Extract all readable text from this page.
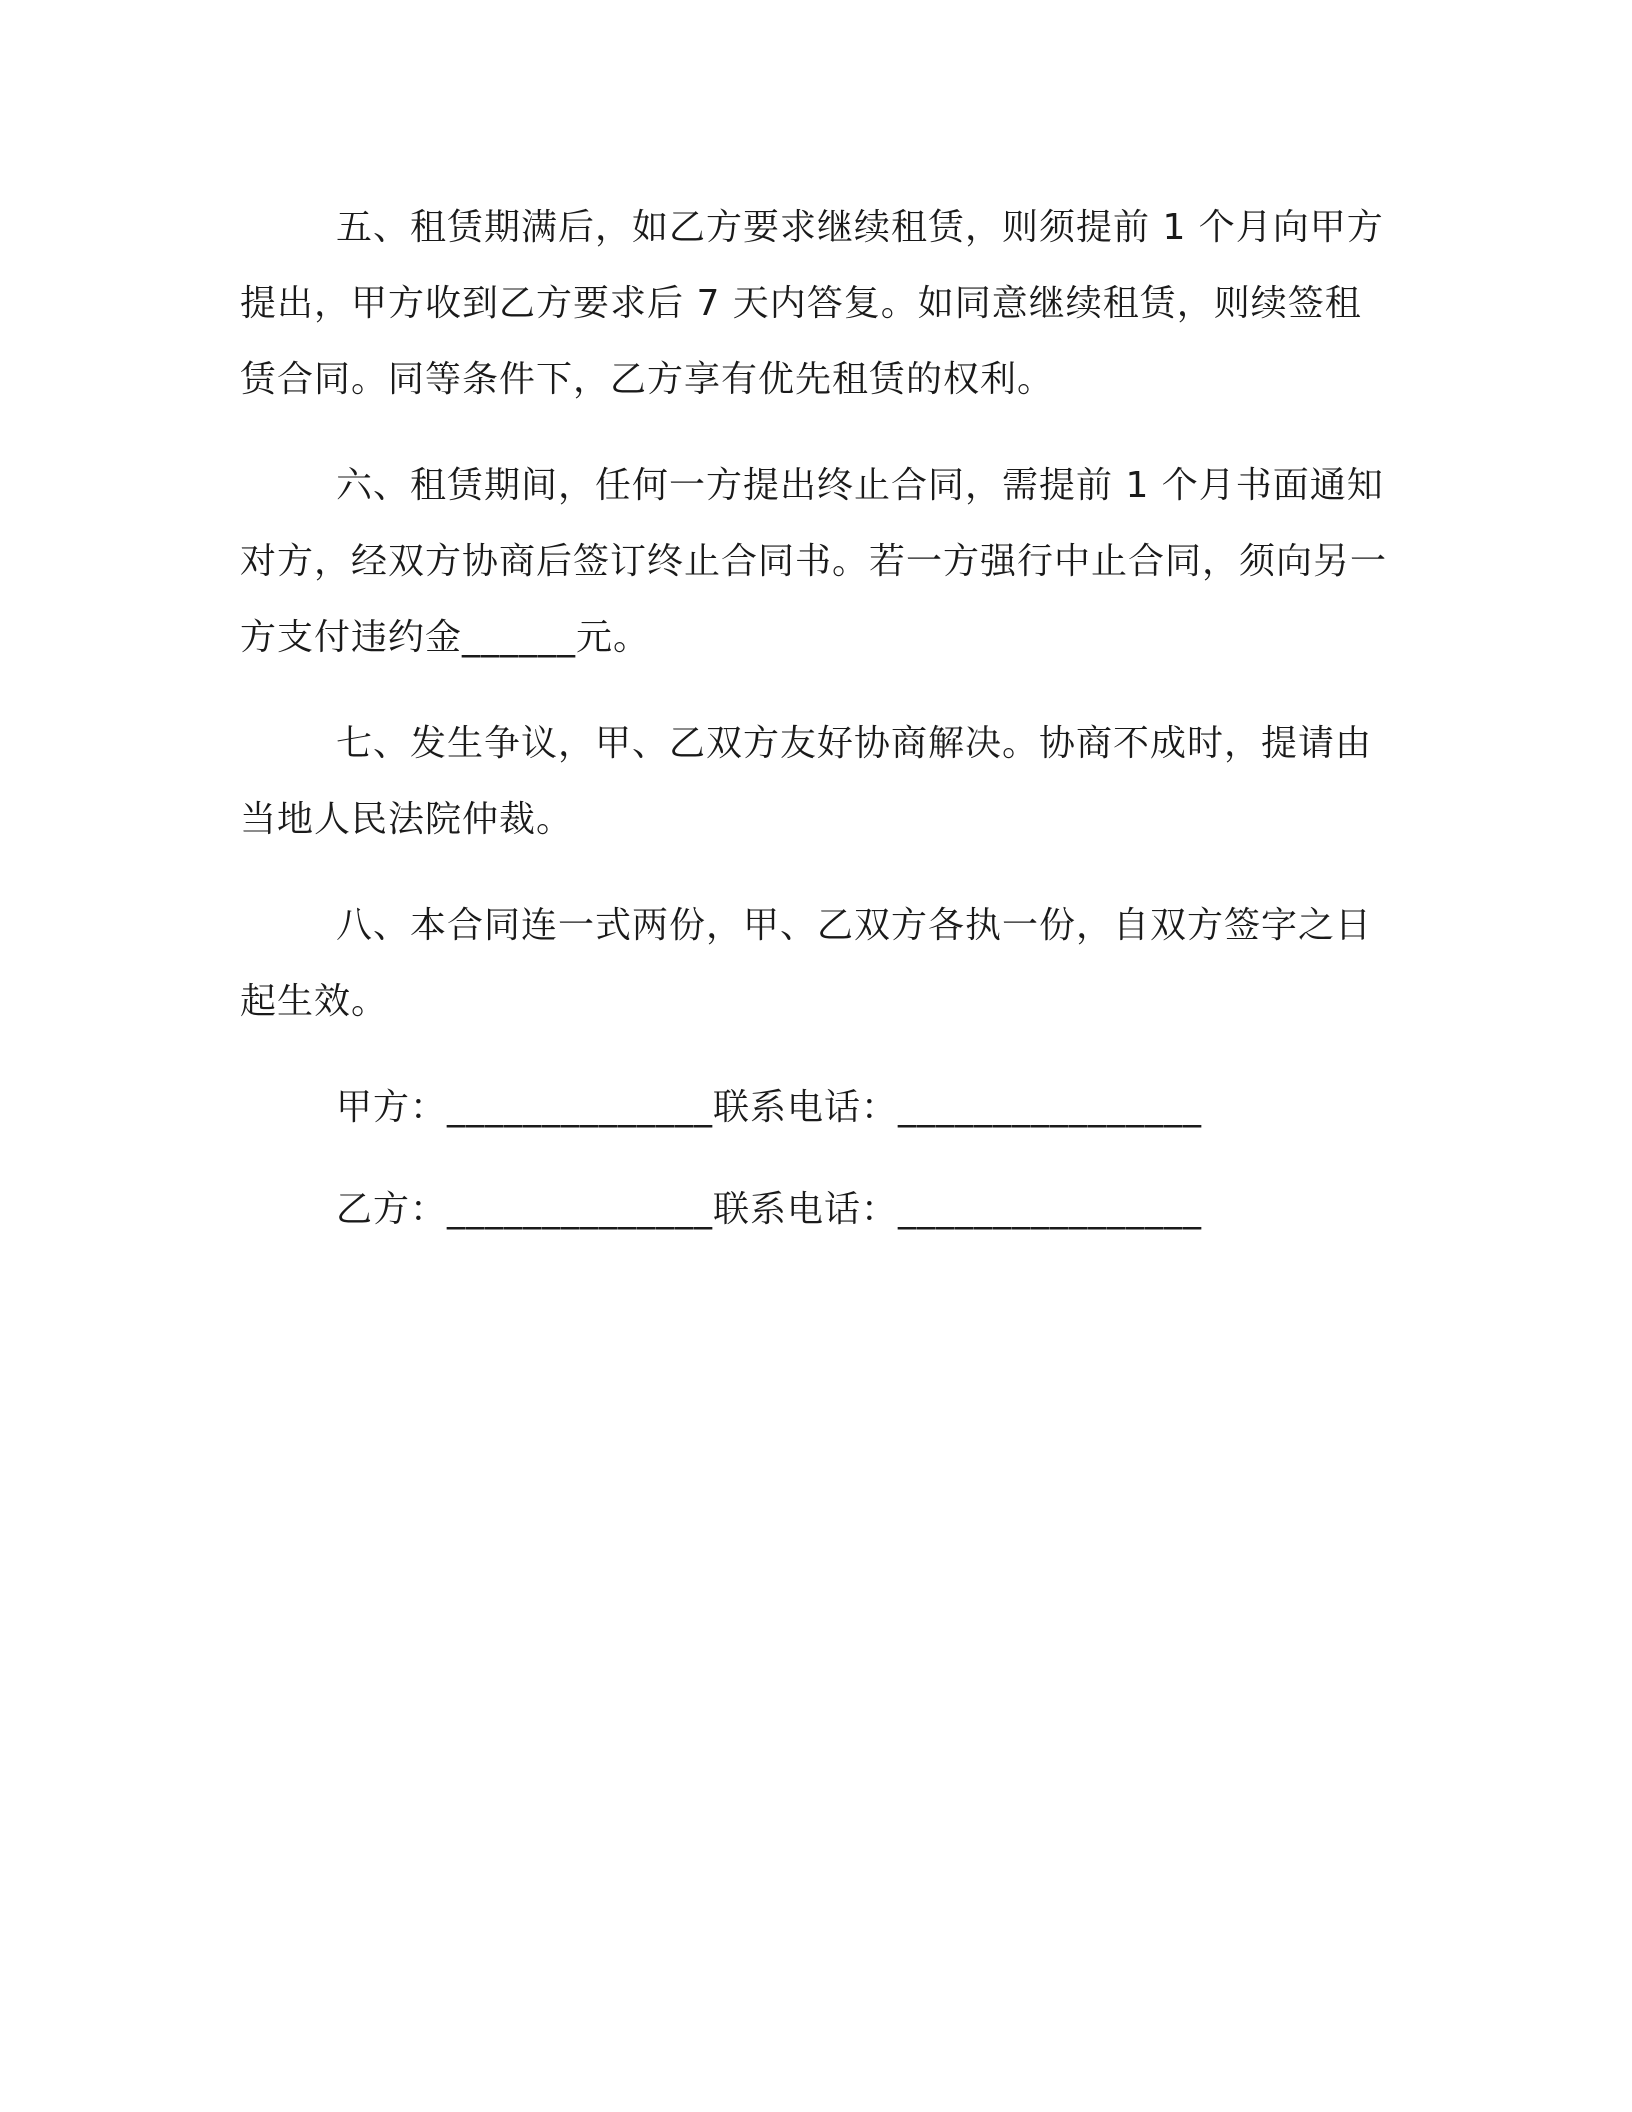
五、租赁期满后，如乙方要求继续租赁，则须提前 1 个月向甲方提出，甲方收到乙方要求后 7 天内答复。如同意继续租赁，则续签租赁合同。同等条件下，乙方享有优先租赁的权利。

六、租赁期间，任何一方提出终止合同，需提前 1 个月书面通知对方，经双方协商后签订终止合同书。若一方强行中止合同，须向另一方支付违约金______元。

七、发生争议，甲、乙双方友好协商解决。协商不成时，提请由当地人民法院仲裁。

八、本合同连一式两份，甲、乙双方各执一份，自双方签字之日起生效。

甲方：______________联系电话：________________

乙方：______________联系电话：________________
